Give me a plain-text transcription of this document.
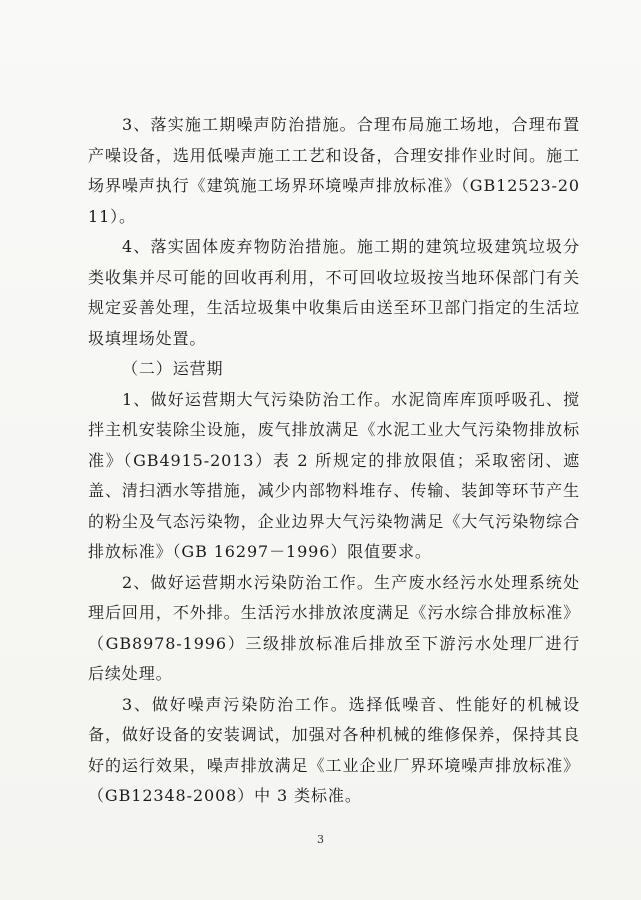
3、落实施工期噪声防治措施。合理布局施工场地，合理布置产噪设备，选用低噪声施工工艺和设备，合理安排作业时间。施工场界噪声执行《建筑施工场界环境噪声排放标准》（GB12523-2011）。

4、落实固体废弃物防治措施。施工期的建筑垃圾建筑垃圾分类收集并尽可能的回收再利用，不可回收垃圾按当地环保部门有关规定妥善处理，生活垃圾集中收集后由送至环卫部门指定的生活垃圾填埋场处置。

（二）运营期

1、做好运营期大气污染防治工作。水泥筒库库顶呼吸孔、搅拌主机安装除尘设施，废气排放满足《水泥工业大气污染物排放标准》（GB4915-2013）表 2 所规定的排放限值；采取密闭、遮盖、清扫洒水等措施，减少内部物料堆存、传输、装卸等环节产生的粉尘及气态污染物，企业边界大气污染物满足《大气污染物综合排放标准》（GB 16297－1996）限值要求。

2、做好运营期水污染防治工作。生产废水经污水处理系统处理后回用，不外排。生活污水排放浓度满足《污水综合排放标准》（GB8978-1996）三级排放标准后排放至下游污水处理厂进行后续处理。

3、做好噪声污染防治工作。选择低噪音、性能好的机械设备，做好设备的安装调试，加强对各种机械的维修保养，保持其良好的运行效果，噪声排放满足《工业企业厂界环境噪声排放标准》（GB12348-2008）中 3 类标准。

3
